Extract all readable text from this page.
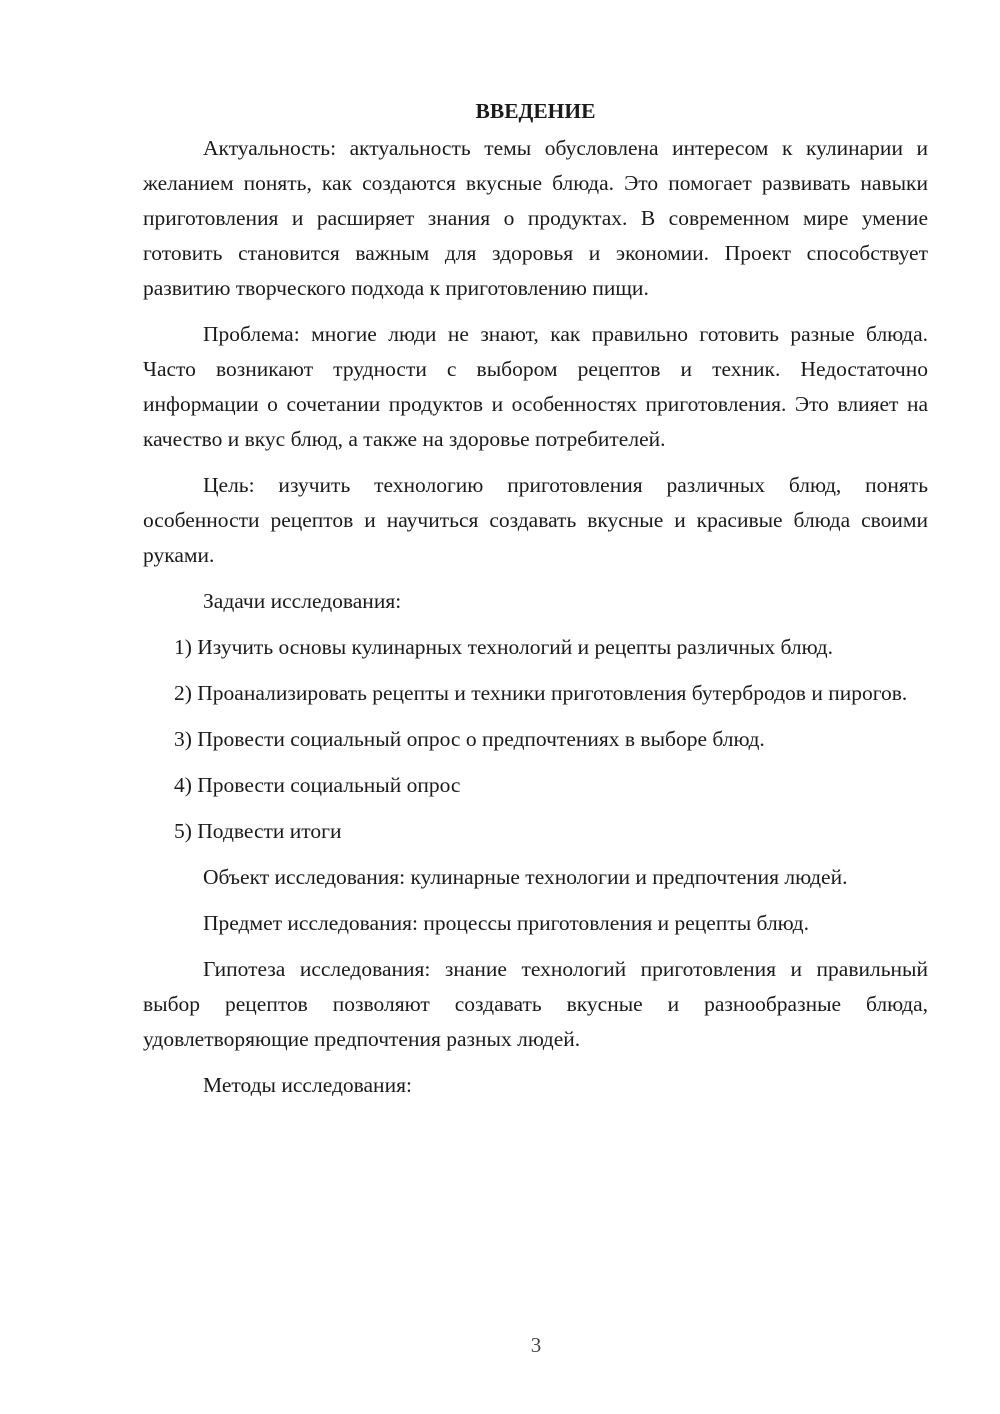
ВВЕДЕНИЕ

Актуальность: актуальность темы обусловлена интересом к кулинарии и желанием понять, как создаются вкусные блюда. Это помогает развивать навыки приготовления и расширяет знания о продуктах. В современном мире умение готовить становится важным для здоровья и экономии. Проект способствует развитию творческого подхода к приготовлению пищи.

Проблема: многие люди не знают, как правильно готовить разные блюда. Часто возникают трудности с выбором рецептов и техник. Недостаточно информации о сочетании продуктов и особенностях приготовления. Это влияет на качество и вкус блюд, а также на здоровье потребителей.

Цель: изучить технологию приготовления различных блюд, понять особенности рецептов и научиться создавать вкусные и красивые блюда своими руками.

Задачи исследования:

1) Изучить основы кулинарных технологий и рецепты различных блюд.

2) Проанализировать рецепты и техники приготовления бутербродов и пирогов.

3) Провести социальный опрос о предпочтениях в выборе блюд.

4) Провести социальный опрос

5) Подвести итоги

Объект исследования: кулинарные технологии и предпочтения людей.

Предмет исследования: процессы приготовления и рецепты блюд.

Гипотеза исследования: знание технологий приготовления и правильный выбор рецептов позволяют создавать вкусные и разнообразные блюда, удовлетворяющие предпочтения разных людей.

Методы исследования:

3
